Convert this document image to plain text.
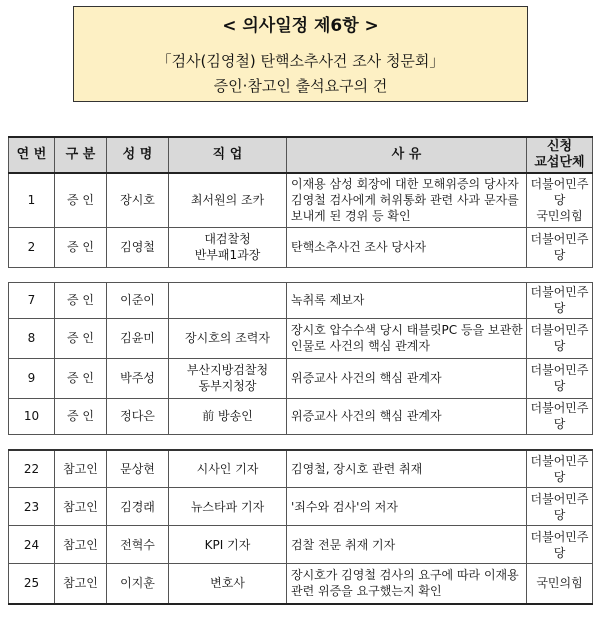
< 의사일정 제6항 >
「검사(김영철) 탄핵소추사건 조사 청문회」
증인·참고인 출석요구의 건
연 번	구 분	성 명	직 업	사 유	신청
교섭단체

1	증 인	장시호	최서원의 조카	이재용 삼성 회장에 대한 모해위증의 당사자 김영철 검사에게 허위통화 관련 사과 문자를 보내게 된 경위 등 확인	더불어민주당
국민의힘

2	증 인	김영철	대검찰청
반부패1과장	탄핵소추사건 조사 당사자	더불어민주당

7	증 인	이준이		녹취록 제보자	더불어민주당
8	증 인	김윤미	장시호의 조력자	장시호 압수수색 당시 태블릿PC 등을 보관한 인물로 사건의 핵심 관계자	더불어민주당
9	증 인	박주성	부산지방검찰청
동부지청장	위증교사 사건의 핵심 관계자	더불어민주당
10	증 인	정다은	前 방송인	위증교사 사건의 핵심 관계자	더불어민주당

22	참고인	문상현	시사인 기자	김영철, 장시호 관련 취재	더불어민주당
23	참고인	김경래	뉴스타파 기자	'죄수와 검사'의 저자	더불어민주당
24	참고인	전혁수	KPI 기자	검찰 전문 취재 기자	더불어민주당
25	참고인	이지훈	변호사	장시호가 김영철 검사의 요구에 따라 이재용 관련 위증을 요구했는지 확인	국민의힘
